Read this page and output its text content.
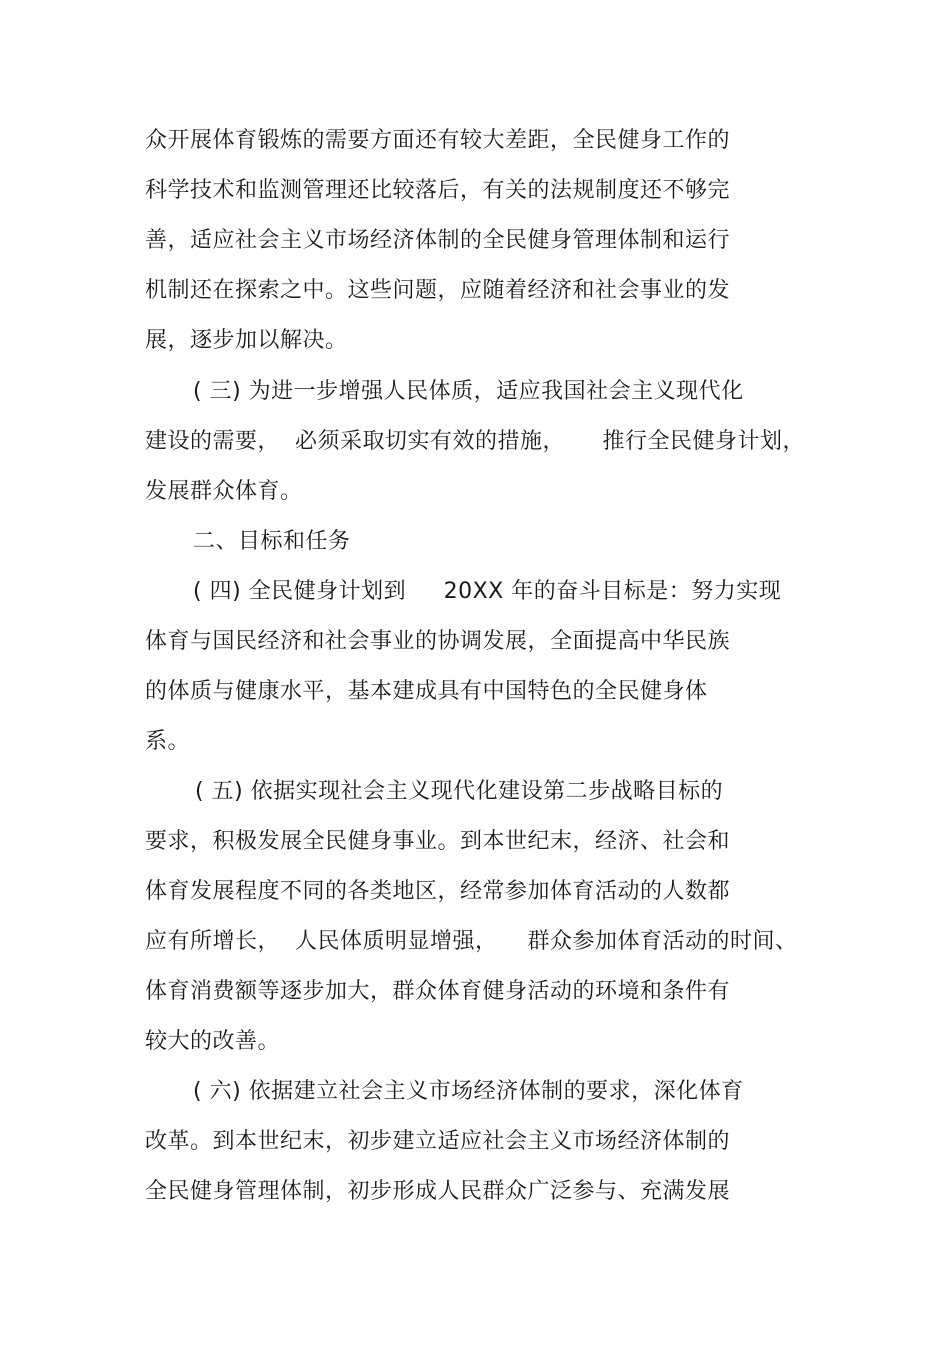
众开展体育锻炼的需要方面还有较大差距，全民健身工作的
科学技术和监测管理还比较落后，有关的法规制度还不够完
善，适应社会主义市场经济体制的全民健身管理体制和运行
机制还在探索之中。这些问题，应随着经济和社会事业的发
展，逐步加以解决。
( 三) 为进一步增强人民体质，适应我国社会主义现代化
建设的需要，  必须采取切实有效的措施，     推行全民健身计划，
发展群众体育。
二、目标和任务
( 四) 全民健身计划到     20XX 年的奋斗目标是：努力实现
体育与国民经济和社会事业的协调发展，全面提高中华民族
的体质与健康水平，基本建成具有中国特色的全民健身体
系。
( 五) 依据实现社会主义现代化建设第二步战略目标的
要求，积极发展全民健身事业。到本世纪末，经济、社会和
体育发展程度不同的各类地区，经常参加体育活动的人数都
应有所增长，  人民体质明显增强，    群众参加体育活动的时间、
体育消费额等逐步加大，群众体育健身活动的环境和条件有
较大的改善。
( 六) 依据建立社会主义市场经济体制的要求，深化体育
改革。到本世纪末，初步建立适应社会主义市场经济体制的
全民健身管理体制，初步形成人民群众广泛参与、充满发展
